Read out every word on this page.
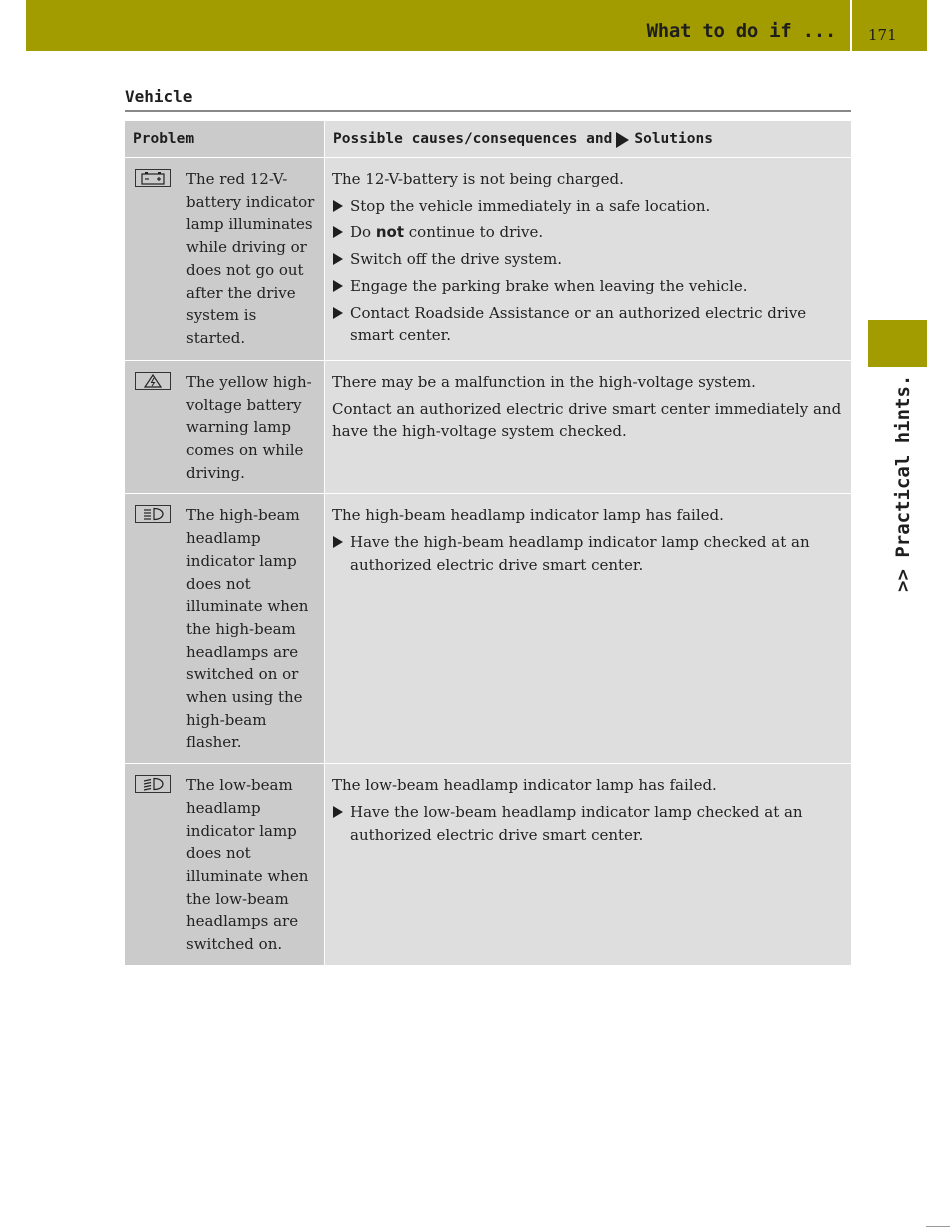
What to do if ... 171
>> Practical hints.
Vehicle
Problem	Possible causes/consequences and Solutions
The red 12-V-battery indicator lamp illuminates while driving or does not go out after the drive system is started.
The 12-V-battery is not being charged.
Stop the vehicle immediately in a safe location.
Do not continue to drive.
Switch off the drive system.
Engage the parking brake when leaving the vehicle.
Contact Roadside Assistance or an authorized electric drive smart center.
The yellow high-voltage battery warning lamp comes on while driving.
There may be a malfunction in the high-voltage system.
Contact an authorized electric drive smart center immediately and have the high-voltage system checked.
The high-beam headlamp indicator lamp does not illuminate when the high-beam headlamps are switched on or when using the high-beam flasher.
The high-beam headlamp indicator lamp has failed.
Have the high-beam headlamp indicator lamp checked at an authorized electric drive smart center.
The low-beam headlamp indicator lamp does not illuminate when the low-beam headlamps are switched on.
The low-beam headlamp indicator lamp has failed.
Have the low-beam headlamp indicator lamp checked at an authorized electric drive smart center.
